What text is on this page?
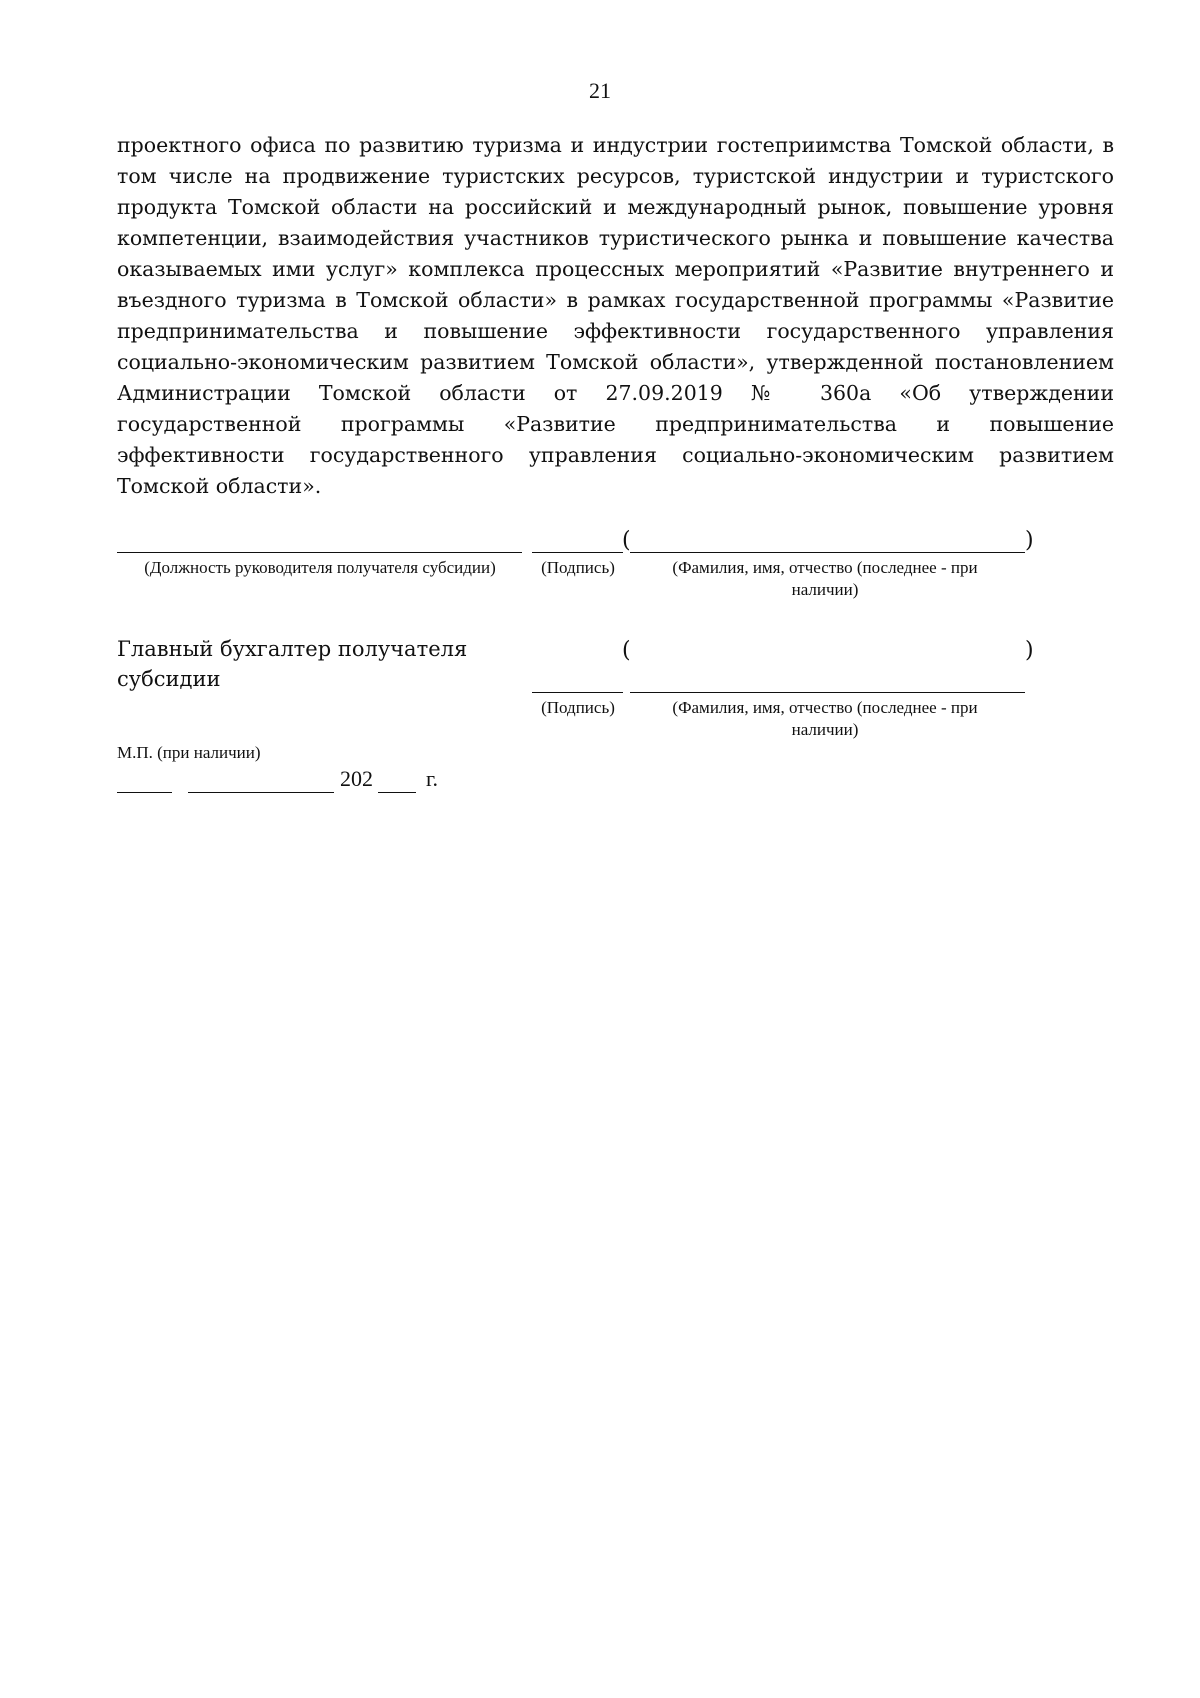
21
проектного офиса по развитию туризма и индустрии гостеприимства Томской области, в
том числе на продвижение туристских ресурсов, туристской индустрии и туристского
продукта Томской области на российский и международный рынок, повышение уровня
компетенции, взаимодействия участников туристического рынка и повышение качества
оказываемых ими услуг» комплекса процессных мероприятий «Развитие внутреннего и
въездного туризма в Томской области» в рамках государственной программы «Развитие
предпринимательства и повышение эффективности государственного управления
социально-экономическим развитием Томской области», утвержденной постановлением
Администрации Томской области от 27.09.2019 № 360а «Об утверждении
государственной программы «Развитие предпринимательства и повышение
эффективности государственного управления социально-экономическим развитием
Томской области».
(	)
(Должность руководителя получателя субсидии)	(Подпись)	(Фамилия, имя, отчество (последнее - при наличии)
Главный бухгалтер получателя субсидии
(	)
(Подпись)	(Фамилия, имя, отчество (последнее - при наличии)
М.П. (при наличии)
202 г.
